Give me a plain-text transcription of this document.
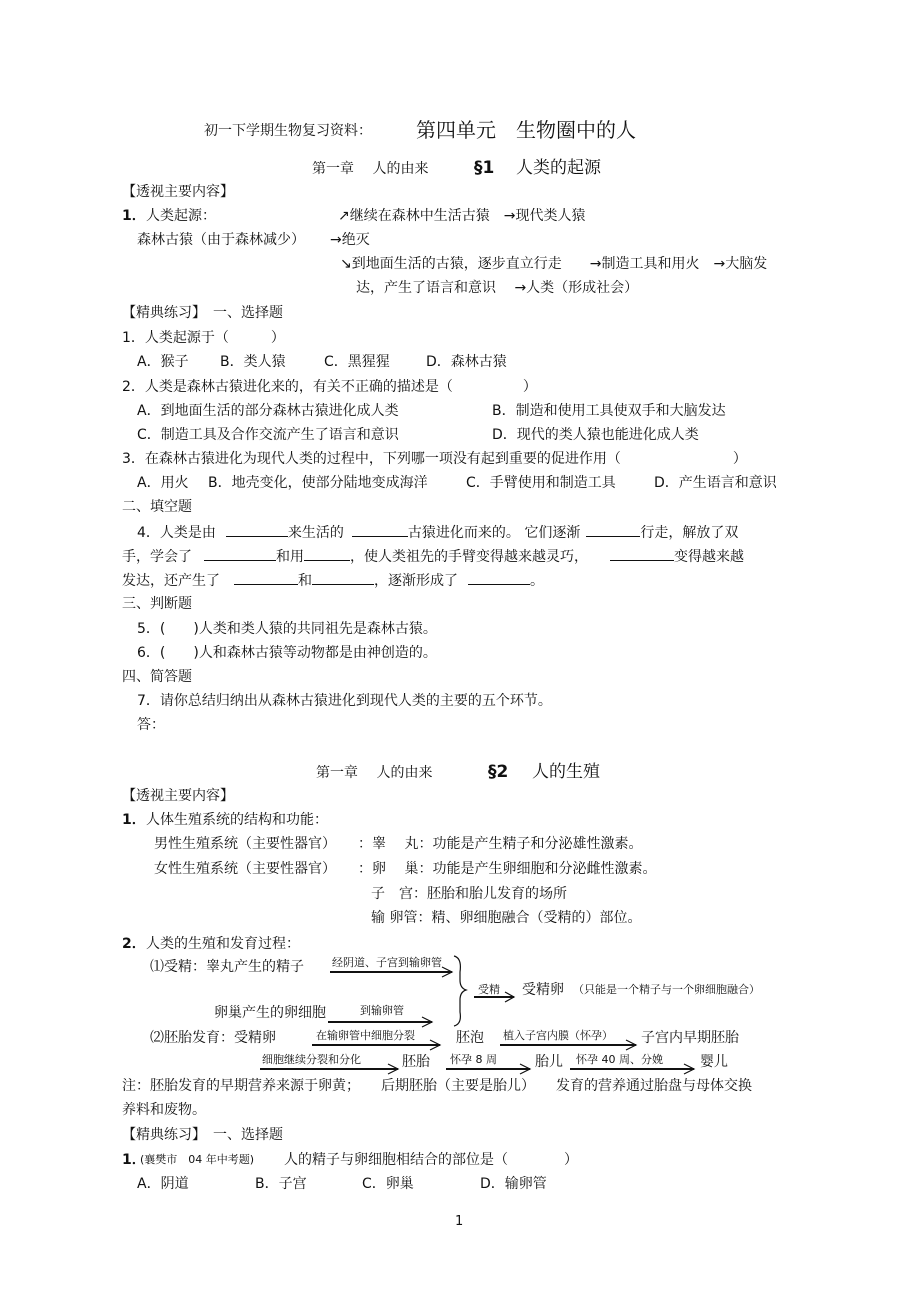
初一下学期生物复习资料： 第四单元　生物圈中的人
第一章　 人的由来	§1 人类的起源
【透视主要内容】
1． 人类起源：	↗继续在森林中生活古猿　→现代类人猿
森林古猿（由于森林减少） →绝灭
↘到地面生活的古猿，逐步直立行走　　→制造工具和用火　→大脑发
达，产生了语言和意识　 →人类（形成社会）
【精典练习】　一、选择题
1．人类起源于（　　　）
A．猴子 B．类人猿	C．黑猩猩	D．森林古猿
2．人类是森林古猿进化来的，有关不正确的描述是（　　　　　）
A．到地面生活的部分森林古猿进化成人类	B．制造和使用工具使双手和大脑发达
C．制造工具及合作交流产生了语言和意识	D．现代的类人猿也能进化成人类
3．在森林古猿进化为现代人类的过程中，下列哪一项没有起到重要的促进作用（　　　　　　　　）
A．用火 B．地壳变化，使部分陆地变成海洋	C．手臂使用和制造工具	D．产生语言和意识
二、填空题
4．人类是由	来生活的	古猿进化而来的。 它们逐渐	行走，解放了双
手，学会了	和用	，使人类祖先的手臂变得越来越灵巧，	变得越来越
发达，还产生了	和	，逐渐形成了	。
三、判断题
5．(　　)人类和类人猿的共同祖先是森林古猿。
6．(　　)人和森林古猿等动物都是由神创造的。
四、简答题
7．请你总结归纳出从森林古猿进化到现代人类的主要的五个环节。
答：
第一章　 人的由来	§2 人的生殖
【透视主要内容】
1． 人体生殖系统的结构和功能：
男性生殖系统（主要性器官） ：睾　 丸：功能是产生精子和分泌雄性激素。
女性生殖系统（主要性器官） ：卵　 巢：功能是产生卵细胞和分泌雌性激素。
子　宫：胚胎和胎儿发育的场所
输 卵管：精、卵细胞融合（受精的）部位。
2． 人类的生殖和发育过程：
⑴受精：睾丸产生的精子	经阴道、子宫到输卵管
受精 受精卵 （只能是一个精子与一个卵细胞融合）
卵巢产生的卵细胞	到输卵管
⑵胚胎发育：受精卵	在输卵管中细胞分裂	胚泡 植入子宫内膜（怀孕） 子宫内早期胚胎
细胞继续分裂和分化	胚胎 怀孕 8 周	胎儿 怀孕 40 周、分娩	婴儿
注：胚胎发育的早期营养来源于卵黄；　　后期胚胎（主要是胎儿）　　发育的营养通过胎盘与母体交换
养料和废物。
【精典练习】　一、选择题
1．
(襄樊市　04 年中考题) 人的精子与卵细胞相结合的部位是（　　　　）
A．阴道	B．子宫	C．卵巢	D．输卵管
1
